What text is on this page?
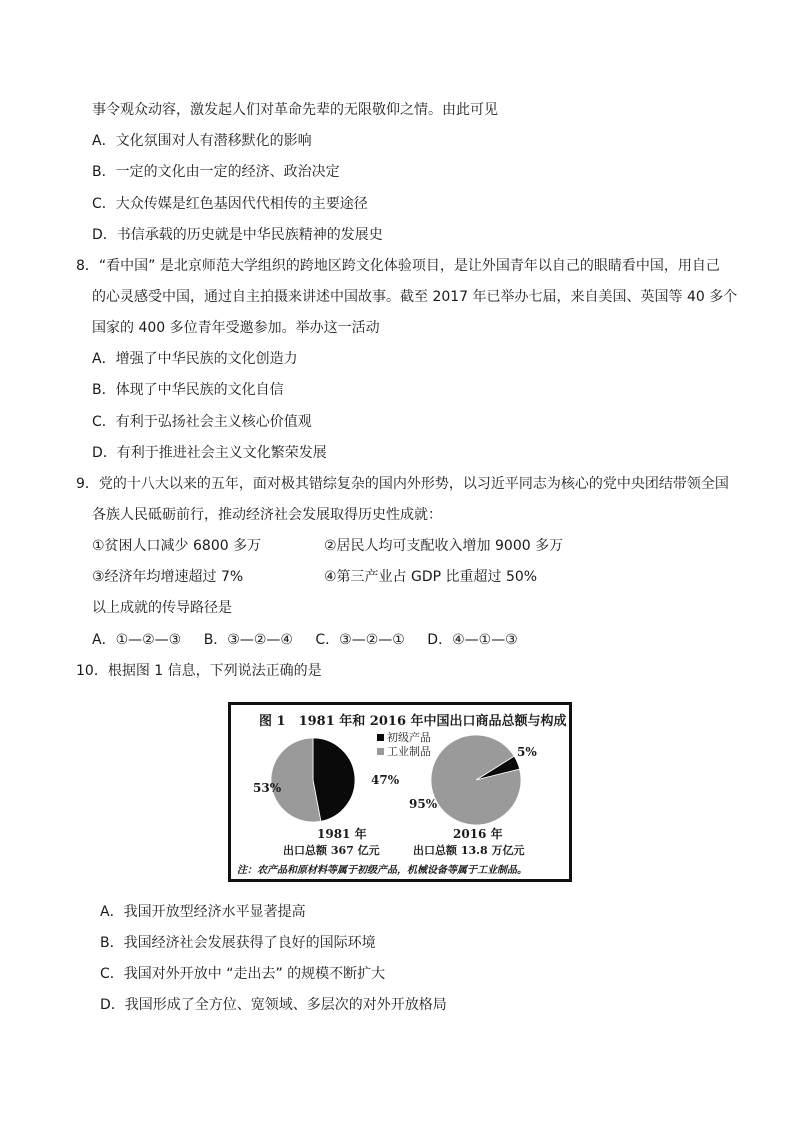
事令观众动容，激发起人们对革命先辈的无限敬仰之情。由此可见
A．文化氛围对人有潜移默化的影响
B．一定的文化由一定的经济、政治决定
C．大众传媒是红色基因代代相传的主要途径
D．书信承载的历史就是中华民族精神的发展史
8．“看中国” 是北京师范大学组织的跨地区跨文化体验项目，是让外国青年以自己的眼睛看中国，用自己
的心灵感受中国，通过自主拍摄来讲述中国故事。截至 2017 年已举办七届，来自美国、英国等 40 多个
国家的 400 多位青年受邀参加。举办这一活动
A．增强了中华民族的文化创造力
B．体现了中华民族的文化自信
C．有利于弘扬社会主义核心价值观
D．有利于推进社会主义文化繁荣发展
9．党的十八大以来的五年，面对极其错综复杂的国内外形势，以习近平同志为核心的党中央团结带领全国
各族人民砥砺前行，推动经济社会发展取得历史性成就：
①贫困人口减少 6800 多万	②居民人均可支配收入增加 9000 多万
③经济年均增速超过 7%	④第三产业占 GDP 比重超过 50%
以上成就的传导路径是
A．①—②—③ B．③—②—④ C．③—②—① D．④—①—③
10．根据图 1 信息，下列说法正确的是
图 1　1981 年和 2016 年中国出口商品总额与构成
初级产品
工业制品
47%
53%
5%
95%
1981 年
出口总额 367 亿元
2016 年
出口总额 13.8 万亿元
注：农产品和原材料等属于初级产品，机械设备等属于工业制品。
A．我国开放型经济水平显著提高
B．我国经济社会发展获得了良好的国际环境
C．我国对外开放中 “走出去” 的规模不断扩大
D．我国形成了全方位、宽领域、多层次的对外开放格局
